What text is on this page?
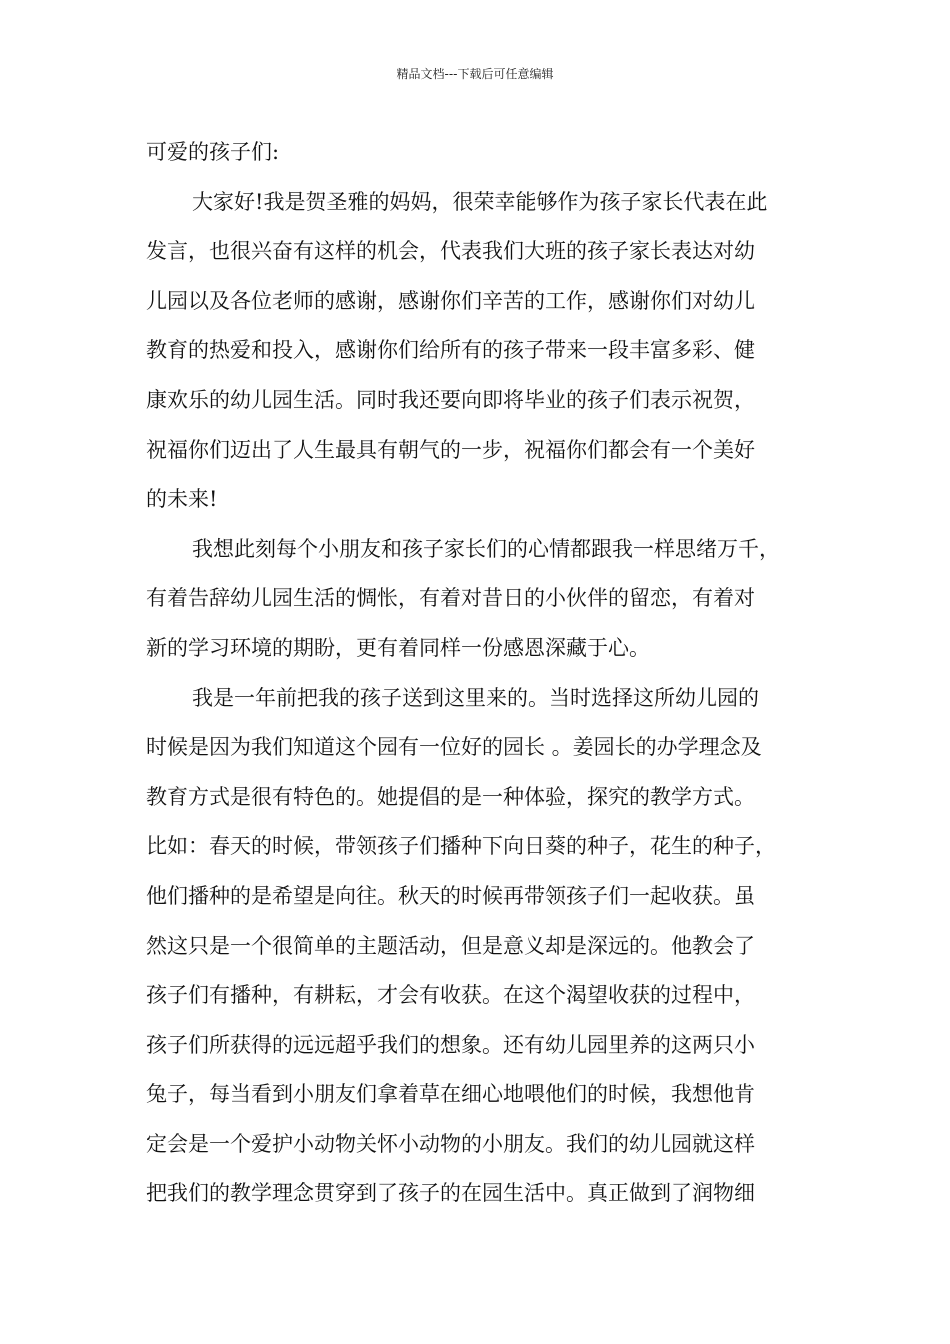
精品文档---下载后可任意编辑
可爱的孩子们:
大家好!我是贺圣雅的妈妈，很荣幸能够作为孩子家长代表在此
发言，也很兴奋有这样的机会，代表我们大班的孩子家长表达对幼
儿园以及各位老师的感谢，感谢你们辛苦的工作，感谢你们对幼儿
教育的热爱和投入，感谢你们给所有的孩子带来一段丰富多彩、健
康欢乐的幼儿园生活。同时我还要向即将毕业的孩子们表示祝贺，
祝福你们迈出了人生最具有朝气的一步，祝福你们都会有一个美好
的未来!
我想此刻每个小朋友和孩子家长们的心情都跟我一样思绪万千，
有着告辞幼儿园生活的惆怅，有着对昔日的小伙伴的留恋，有着对
新的学习环境的期盼，更有着同样一份感恩深藏于心。
我是一年前把我的孩子送到这里来的。当时选择这所幼儿园的
时候是因为我们知道这个园有一位好的园长 。姜园长的办学理念及
教育方式是很有特色的。她提倡的是一种体验，探究的教学方式。
比如：春天的时候，带领孩子们播种下向日葵的种子，花生的种子，
他们播种的是希望是向往。秋天的时候再带领孩子们一起收获。虽
然这只是一个很简单的主题活动，但是意义却是深远的。他教会了
孩子们有播种，有耕耘，才会有收获。在这个渴望收获的过程中，
孩子们所获得的远远超乎我们的想象。还有幼儿园里养的这两只小
兔子，每当看到小朋友们拿着草在细心地喂他们的时候，我想他肯
定会是一个爱护小动物关怀小动物的小朋友。我们的幼儿园就这样
把我们的教学理念贯穿到了孩子的在园生活中。真正做到了润物细
